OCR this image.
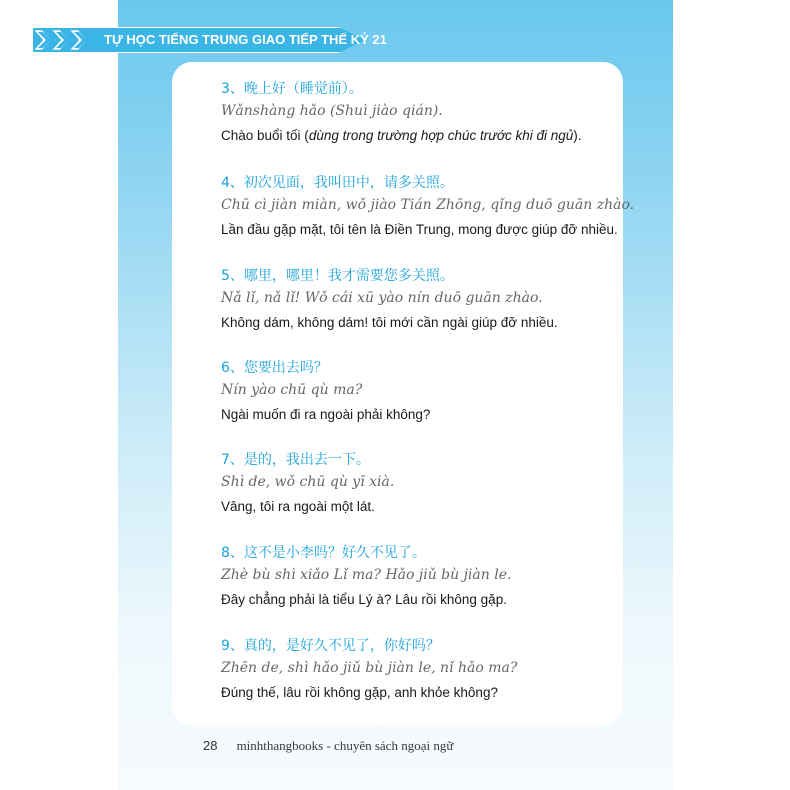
TỰ HỌC TIẾNG TRUNG GIAO TIẾP THẾ KỶ 21
3、晚上好（睡觉前）。
Wǎnshàng hǎo (Shuì jiào qián).
Chào buổi tối (dùng trong trường hợp chúc trước khi đi ngủ).
4、初次见面，我叫田中，请多关照。
Chū cì jiàn miàn, wǒ jiào Tián Zhōng, qǐng duō guān zhào.
Lần đầu gặp mặt, tôi tên là Điền Trung, mong được giúp đỡ nhiều.
5、哪里，哪里！我才需要您多关照。
Nǎ lǐ, nǎ lǐ! Wǒ cái xū yào nín duō guān zhào.
Không dám, không dám! tôi mới cần ngài giúp đỡ nhiều.
6、您要出去吗？
Nín yào chū qù ma?
Ngài muốn đi ra ngoài phải không?
7、是的，我出去一下。
Shì de, wǒ chū qù yī xià.
Vâng, tôi ra ngoài một lát.
8、这不是小李吗？好久不见了。
Zhè bù shì xiǎo Lǐ ma? Hǎo jiǔ bù jiàn le.
Đây chẳng phải là tiểu Lý à? Lâu rồi không gặp.
9、真的，是好久不见了，你好吗？
Zhēn de, shì hǎo jiǔ bù jiàn le, nǐ hǎo ma?
Đúng thế, lâu rồi không gặp, anh khỏe không?
28 minhthangbooks - chuyên sách ngoại ngữ
